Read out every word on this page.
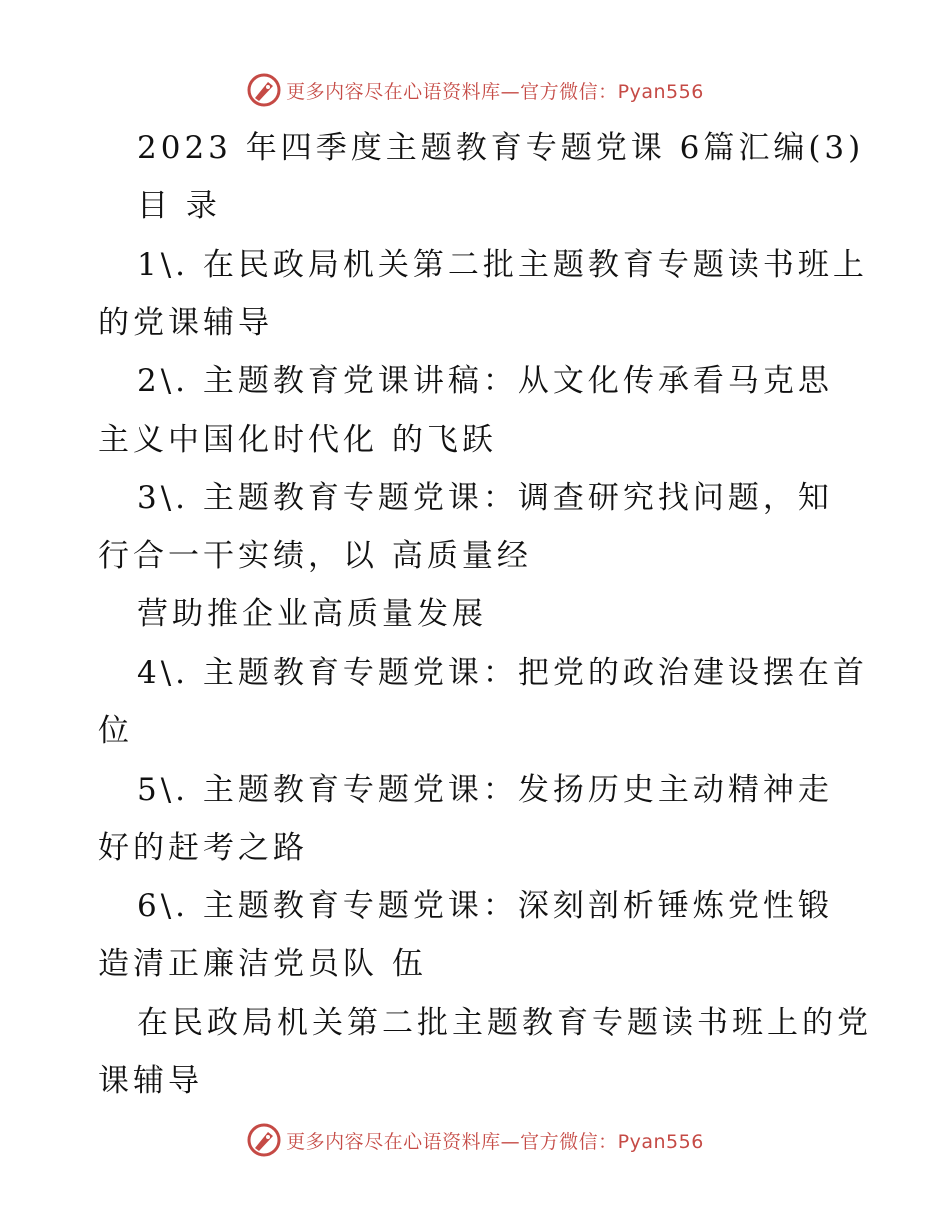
更多内容尽在心语资料库—官方微信：Pyan556
2023 年四季度主题教育专题党课 6篇汇编(3)
目 录
1\. 在民政局机关第二批主题教育专题读书班上
的党课辅导
2\. 主题教育党课讲稿：从文化传承看马克思
主义中国化时代化 的飞跃
3\. 主题教育专题党课：调查研究找问题，知
行合一干实绩，以 高质量经
营助推企业高质量发展
4\. 主题教育专题党课：把党的政治建设摆在首
位
5\. 主题教育专题党课：发扬历史主动精神走
好的赶考之路
6\. 主题教育专题党课：深刻剖析锤炼党性锻
造清正廉洁党员队 伍
在民政局机关第二批主题教育专题读书班上的党
课辅导
更多内容尽在心语资料库—官方微信：Pyan556
